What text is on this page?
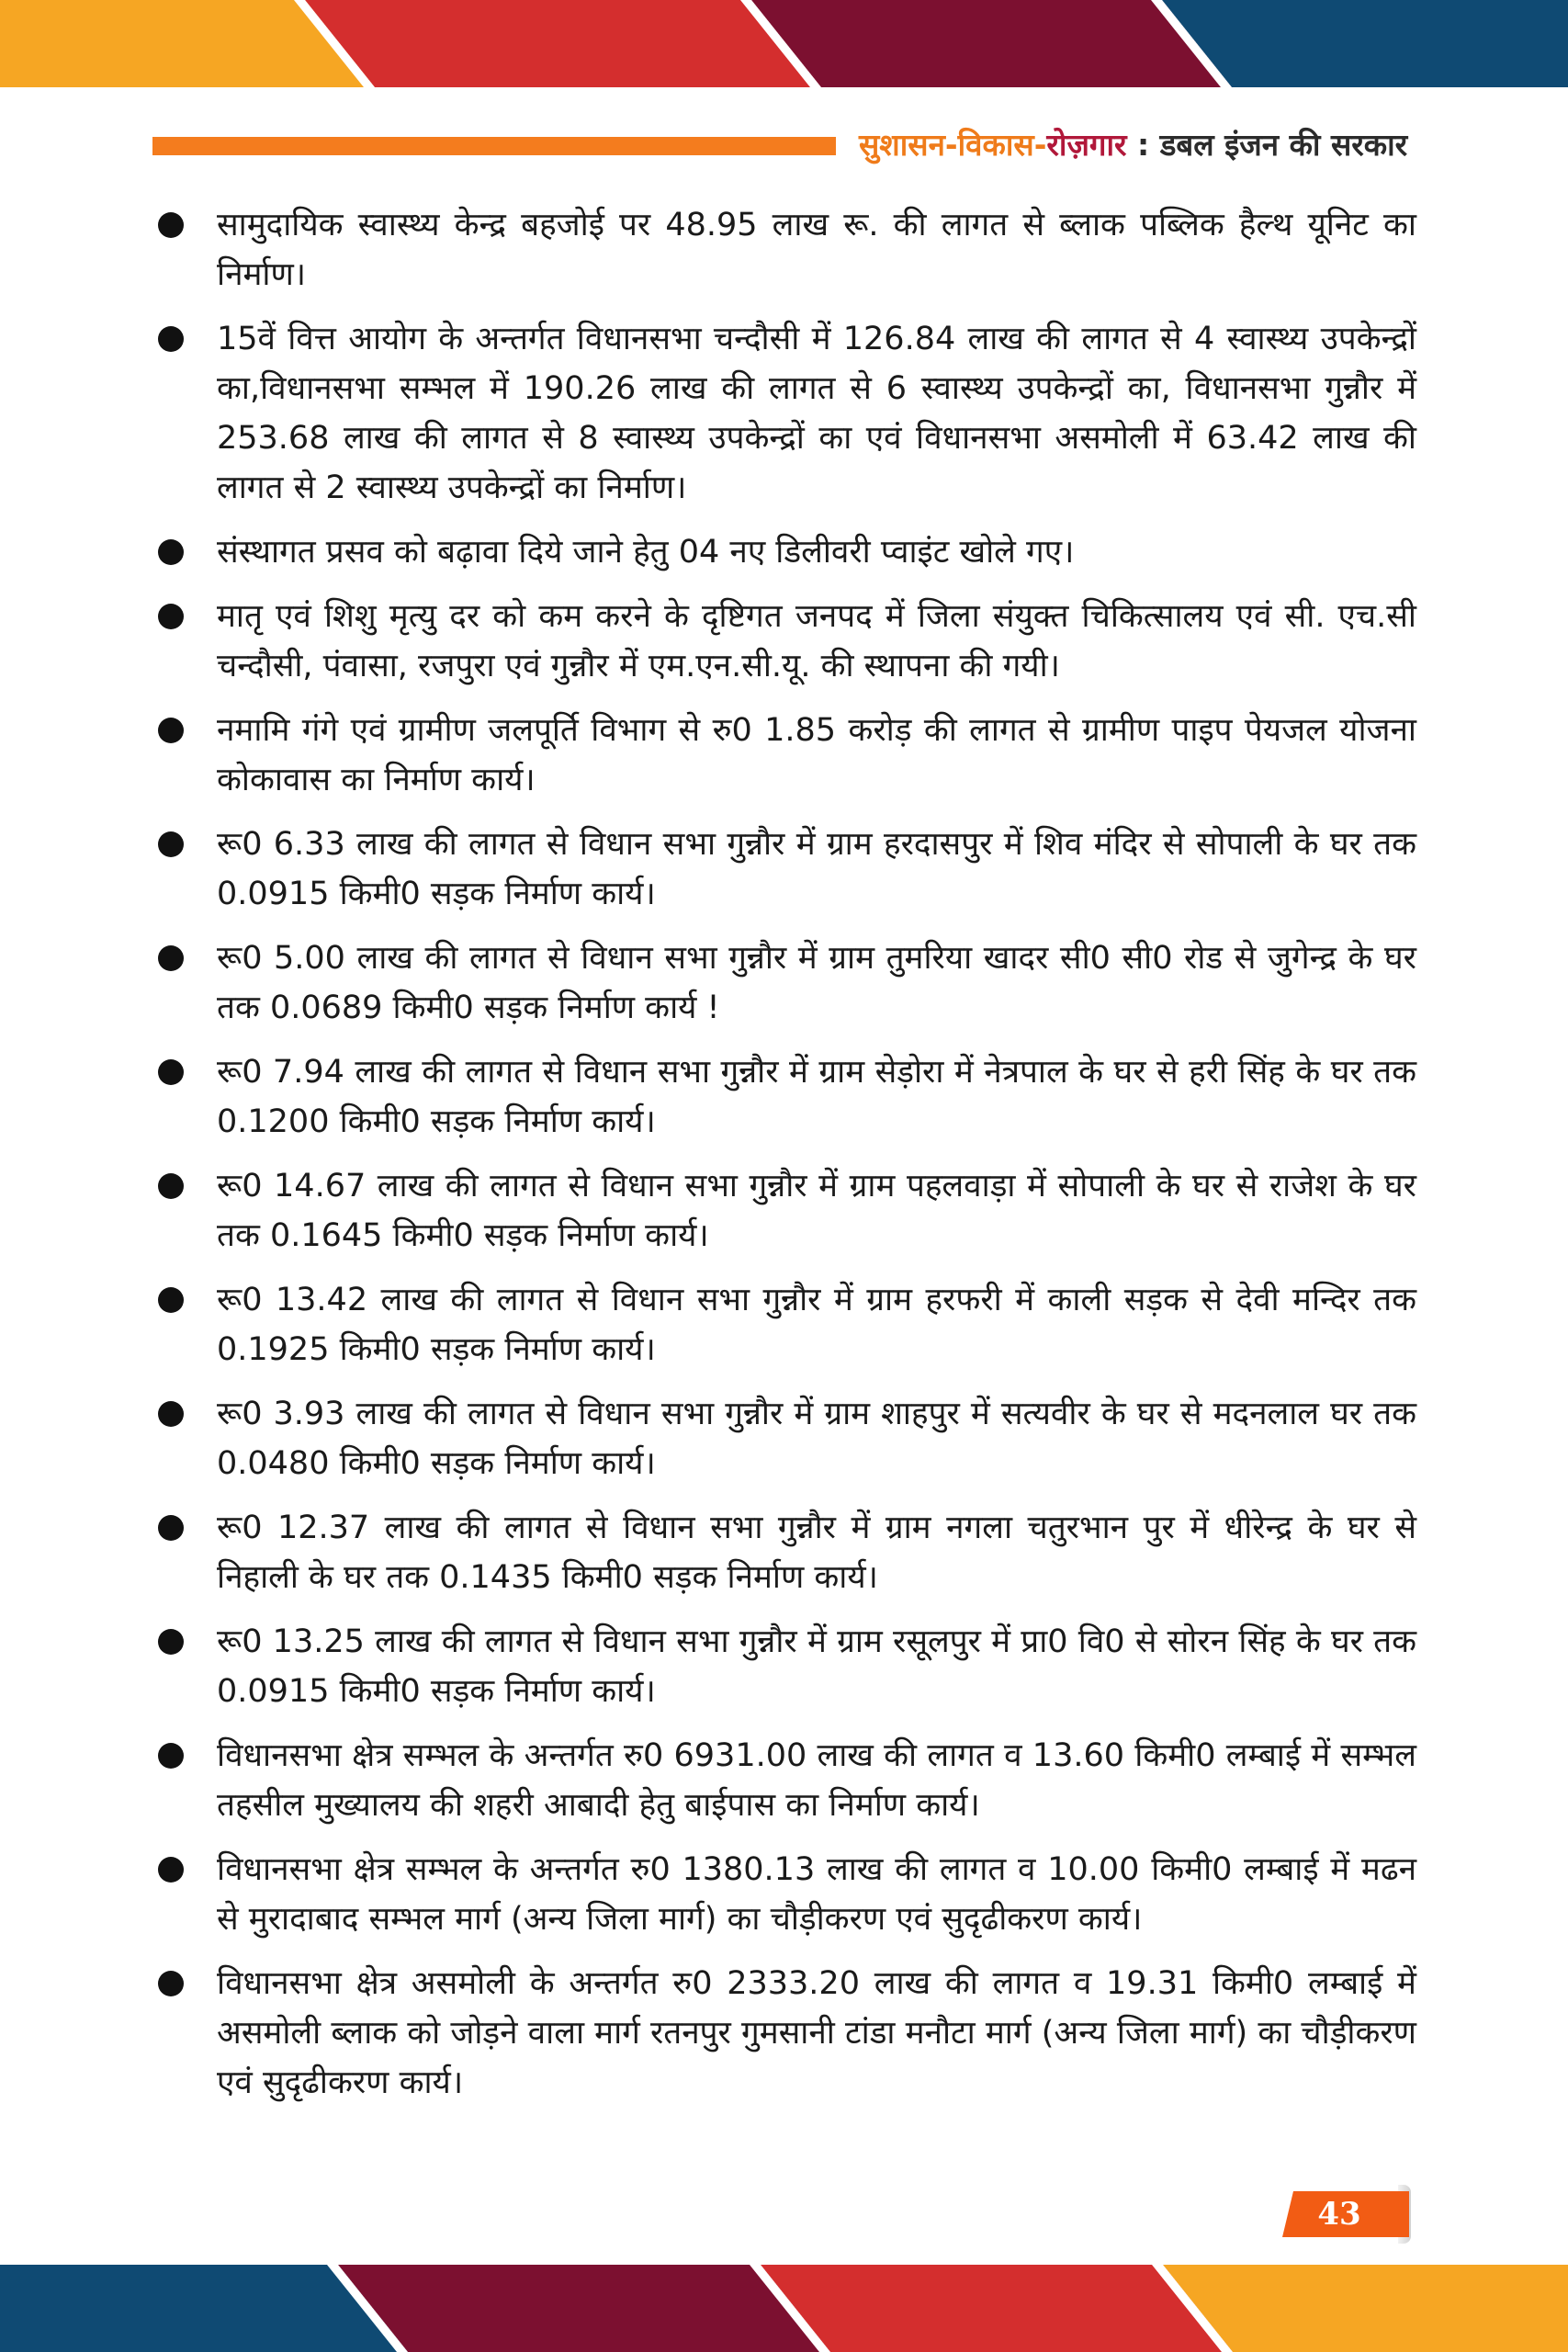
सुशासन-विकास-रोज़गार : डबल इंजन की सरकार
सामुदायिक स्वास्थ्य केन्द्र बहजोई पर 48.95 लाख रू. की लागत से ब्लाक पब्लिक हैल्थ यूनिट का निर्माण।
15वें वित्त आयोग के अन्तर्गत विधानसभा चन्दौसी में 126.84 लाख की लागत से 4 स्वास्थ्य उपकेन्द्रों का,विधानसभा सम्भल में 190.26 लाख की लागत से 6 स्वास्थ्य उपकेन्द्रों का, विधानसभा गुन्नौर में 253.68 लाख की लागत से 8 स्वास्थ्य उपकेन्द्रों का एवं विधानसभा असमोली में 63.42 लाख की लागत से 2 स्वास्थ्य उपकेन्द्रों का निर्माण।
संस्थागत प्रसव को बढ़ावा दिये जाने हेतु 04 नए डिलीवरी प्वाइंट खोले गए।
मातृ एवं शिशु मृत्यु दर को कम करने के दृष्टिगत जनपद में जिला संयुक्त चिकित्सालय एवं सी. एच.सी चन्दौसी, पंवासा, रजपुरा एवं गुन्नौर में एम.एन.सी.यू. की स्थापना की गयी।
नमामि गंगे एवं ग्रामीण जलपूर्ति विभाग से रु0 1.85 करोड़ की लागत से ग्रामीण पाइप पेयजल योजना कोकावास का निर्माण कार्य।
रू0 6.33 लाख की लागत से विधान सभा गुन्नौर में ग्राम हरदासपुर में शिव मंदिर से सोपाली के घर तक 0.0915 किमी0 सड़क निर्माण कार्य।
रू0 5.00 लाख की लागत से विधान सभा गुन्नौर में ग्राम तुमरिया खादर सी0 सी0 रोड से जुगेन्द्र के घर तक 0.0689 किमी0 सड़क निर्माण कार्य !
रू0 7.94 लाख की लागत से विधान सभा गुन्नौर में ग्राम सेड़ोरा में नेत्रपाल के घर से हरी सिंह के घर तक 0.1200 किमी0 सड़क निर्माण कार्य।
रू0 14.67 लाख की लागत से विधान सभा गुन्नौर में ग्राम पहलवाड़ा में सोपाली के घर से राजेश के घर तक 0.1645 किमी0 सड़क निर्माण कार्य।
रू0 13.42 लाख की लागत से विधान सभा गुन्नौर में ग्राम हरफरी में काली सड़क से देवी मन्दिर तक 0.1925 किमी0 सड़क निर्माण कार्य।
रू0 3.93 लाख की लागत से विधान सभा गुन्नौर में ग्राम शाहपुर में सत्यवीर के घर से मदनलाल घर तक 0.0480 किमी0 सड़क निर्माण कार्य।
रू0 12.37 लाख की लागत से विधान सभा गुन्नौर में ग्राम नगला चतुरभान पुर में धीरेन्द्र के घर से निहाली के घर तक 0.1435 किमी0 सड़क निर्माण कार्य।
रू0 13.25 लाख की लागत से विधान सभा गुन्नौर में ग्राम रसूलपुर में प्रा0 वि0 से सोरन सिंह के घर तक 0.0915 किमी0 सड़क निर्माण कार्य।
विधानसभा क्षेत्र सम्भल के अन्तर्गत रु0 6931.00 लाख की लागत व 13.60 किमी0 लम्बाई में सम्भल तहसील मुख्यालय की शहरी आबादी हेतु बाईपास का निर्माण कार्य।
विधानसभा क्षेत्र सम्भल के अन्तर्गत रु0 1380.13 लाख की लागत व 10.00 किमी0 लम्बाई में मढन से मुरादाबाद सम्भल मार्ग (अन्य जिला मार्ग) का चौड़ीकरण एवं सुदृढीकरण कार्य।
विधानसभा क्षेत्र असमोली के अन्तर्गत रु0 2333.20 लाख की लागत व 19.31 किमी0 लम्बाई में असमोली ब्लाक को जोड़ने वाला मार्ग रतनपुर गुमसानी टांडा मनौटा मार्ग (अन्य जिला मार्ग) का चौड़ीकरण एवं सुदृढीकरण कार्य।
43
